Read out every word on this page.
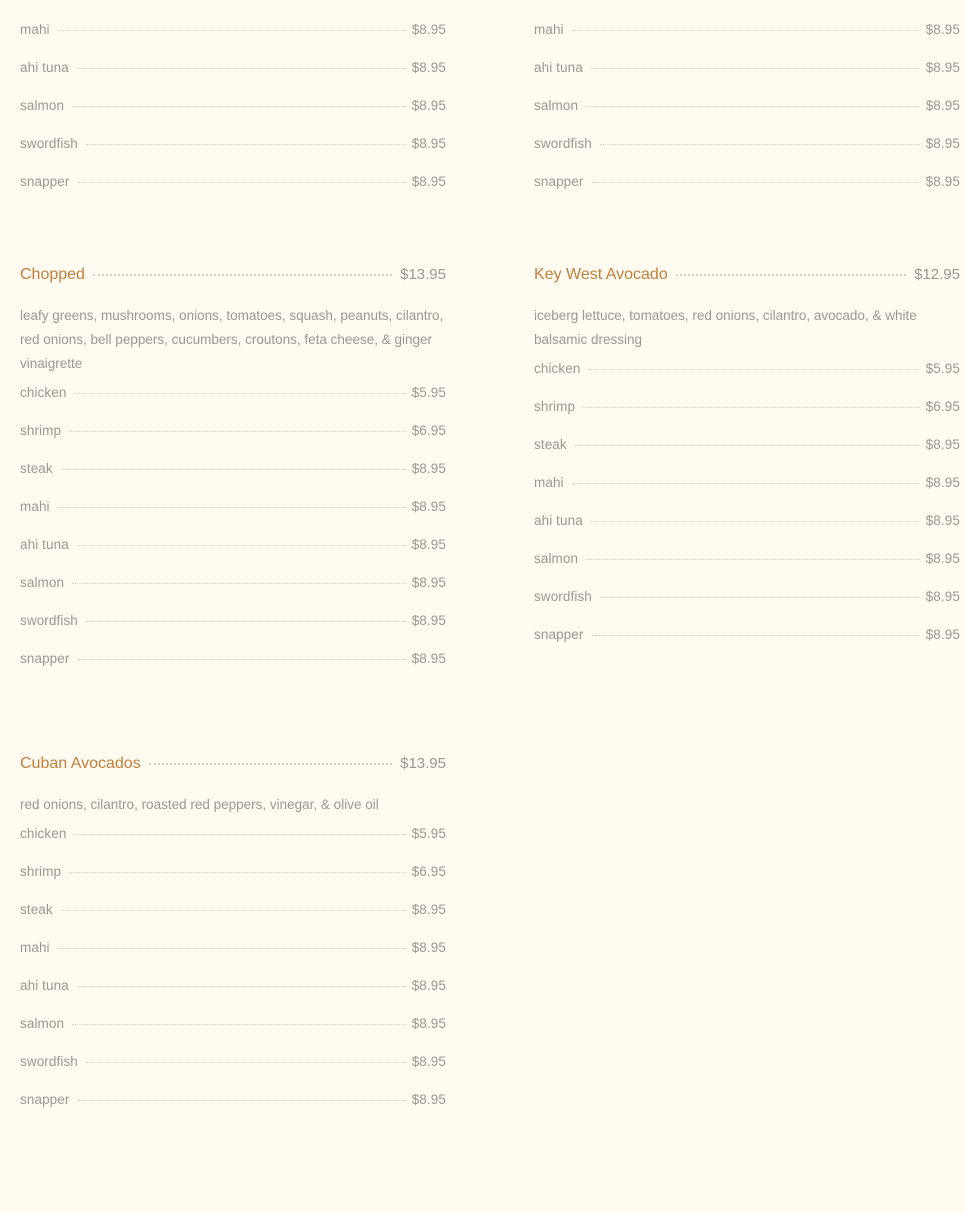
mahi	$8.95
ahi tuna	$8.95
salmon	$8.95
swordfish	$8.95
snapper	$8.95
mahi	$8.95
ahi tuna	$8.95
salmon	$8.95
swordfish	$8.95
snapper	$8.95
Chopped	$13.95

leafy greens, mushrooms, onions, tomatoes, squash, peanuts, cilantro, red onions, bell peppers, cucumbers, croutons, feta cheese, & ginger vinaigrette

chicken	$5.95
shrimp	$6.95
steak	$8.95
mahi	$8.95
ahi tuna	$8.95
salmon	$8.95
swordfish	$8.95
snapper	$8.95
Key West Avocado	$12.95

iceberg lettuce, tomatoes, red onions, cilantro, avocado, & white balsamic dressing

chicken	$5.95
shrimp	$6.95
steak	$8.95
mahi	$8.95
ahi tuna	$8.95
salmon	$8.95
swordfish	$8.95
snapper	$8.95
Cuban Avocados	$13.95

red onions, cilantro, roasted red peppers, vinegar, & olive oil

chicken	$5.95
shrimp	$6.95
steak	$8.95
mahi	$8.95
ahi tuna	$8.95
salmon	$8.95
swordfish	$8.95
snapper	$8.95
